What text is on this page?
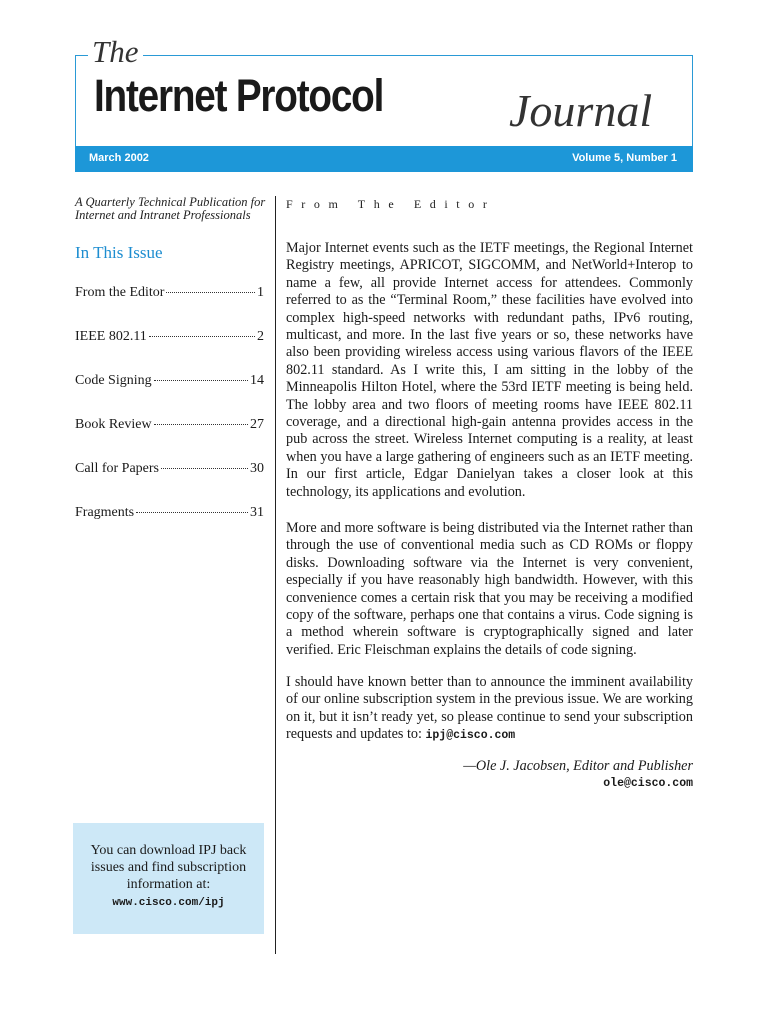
The
Internet Protocol	Journal
March 2002	Volume 5, Number 1
A Quarterly Technical Publication for Internet and Intranet Professionals
In This Issue
From the Editor	1
IEEE 802.11	2
Code Signing	14
Book Review	27
Call for Papers	30
Fragments	31
You can download IPJ back issues and find subscription information at:
www.cisco.com/ipj
From The Editor
Major Internet events such as the IETF meetings, the Regional Internet Registry meetings, APRICOT, SIGCOMM, and NetWorld+Interop to name a few, all provide Internet access for attendees. Commonly referred to as the “Terminal Room,” these facilities have evolved into complex high-speed networks with redundant paths, IPv6 routing, multicast, and more. In the last five years or so, these networks have also been providing wireless access using various flavors of the IEEE 802.11 standard. As I write this, I am sitting in the lobby of the Minneapolis Hilton Hotel, where the 53rd IETF meeting is being held. The lobby area and two floors of meeting rooms have IEEE 802.11 coverage, and a directional high-gain antenna provides access in the pub across the street. Wireless Internet computing is a reality, at least when you have a large gathering of engineers such as an IETF meeting. In our first article, Edgar Danielyan takes a closer look at this technology, its applications and evolution.
More and more software is being distributed via the Internet rather than through the use of conventional media such as CD ROMs or floppy disks. Downloading software via the Internet is very convenient, especially if you have reasonably high bandwidth. However, with this convenience comes a certain risk that you may be receiving a modified copy of the software, perhaps one that contains a virus. Code signing is a method wherein software is cryptographically signed and later verified. Eric Fleischman explains the details of code signing.
I should have known better than to announce the imminent availability of our online subscription system in the previous issue. We are working on it, but it isn’t ready yet, so please continue to send your subscription requests and updates to: ipj@cisco.com
—Ole J. Jacobsen, Editor and Publisher
ole@cisco.com
